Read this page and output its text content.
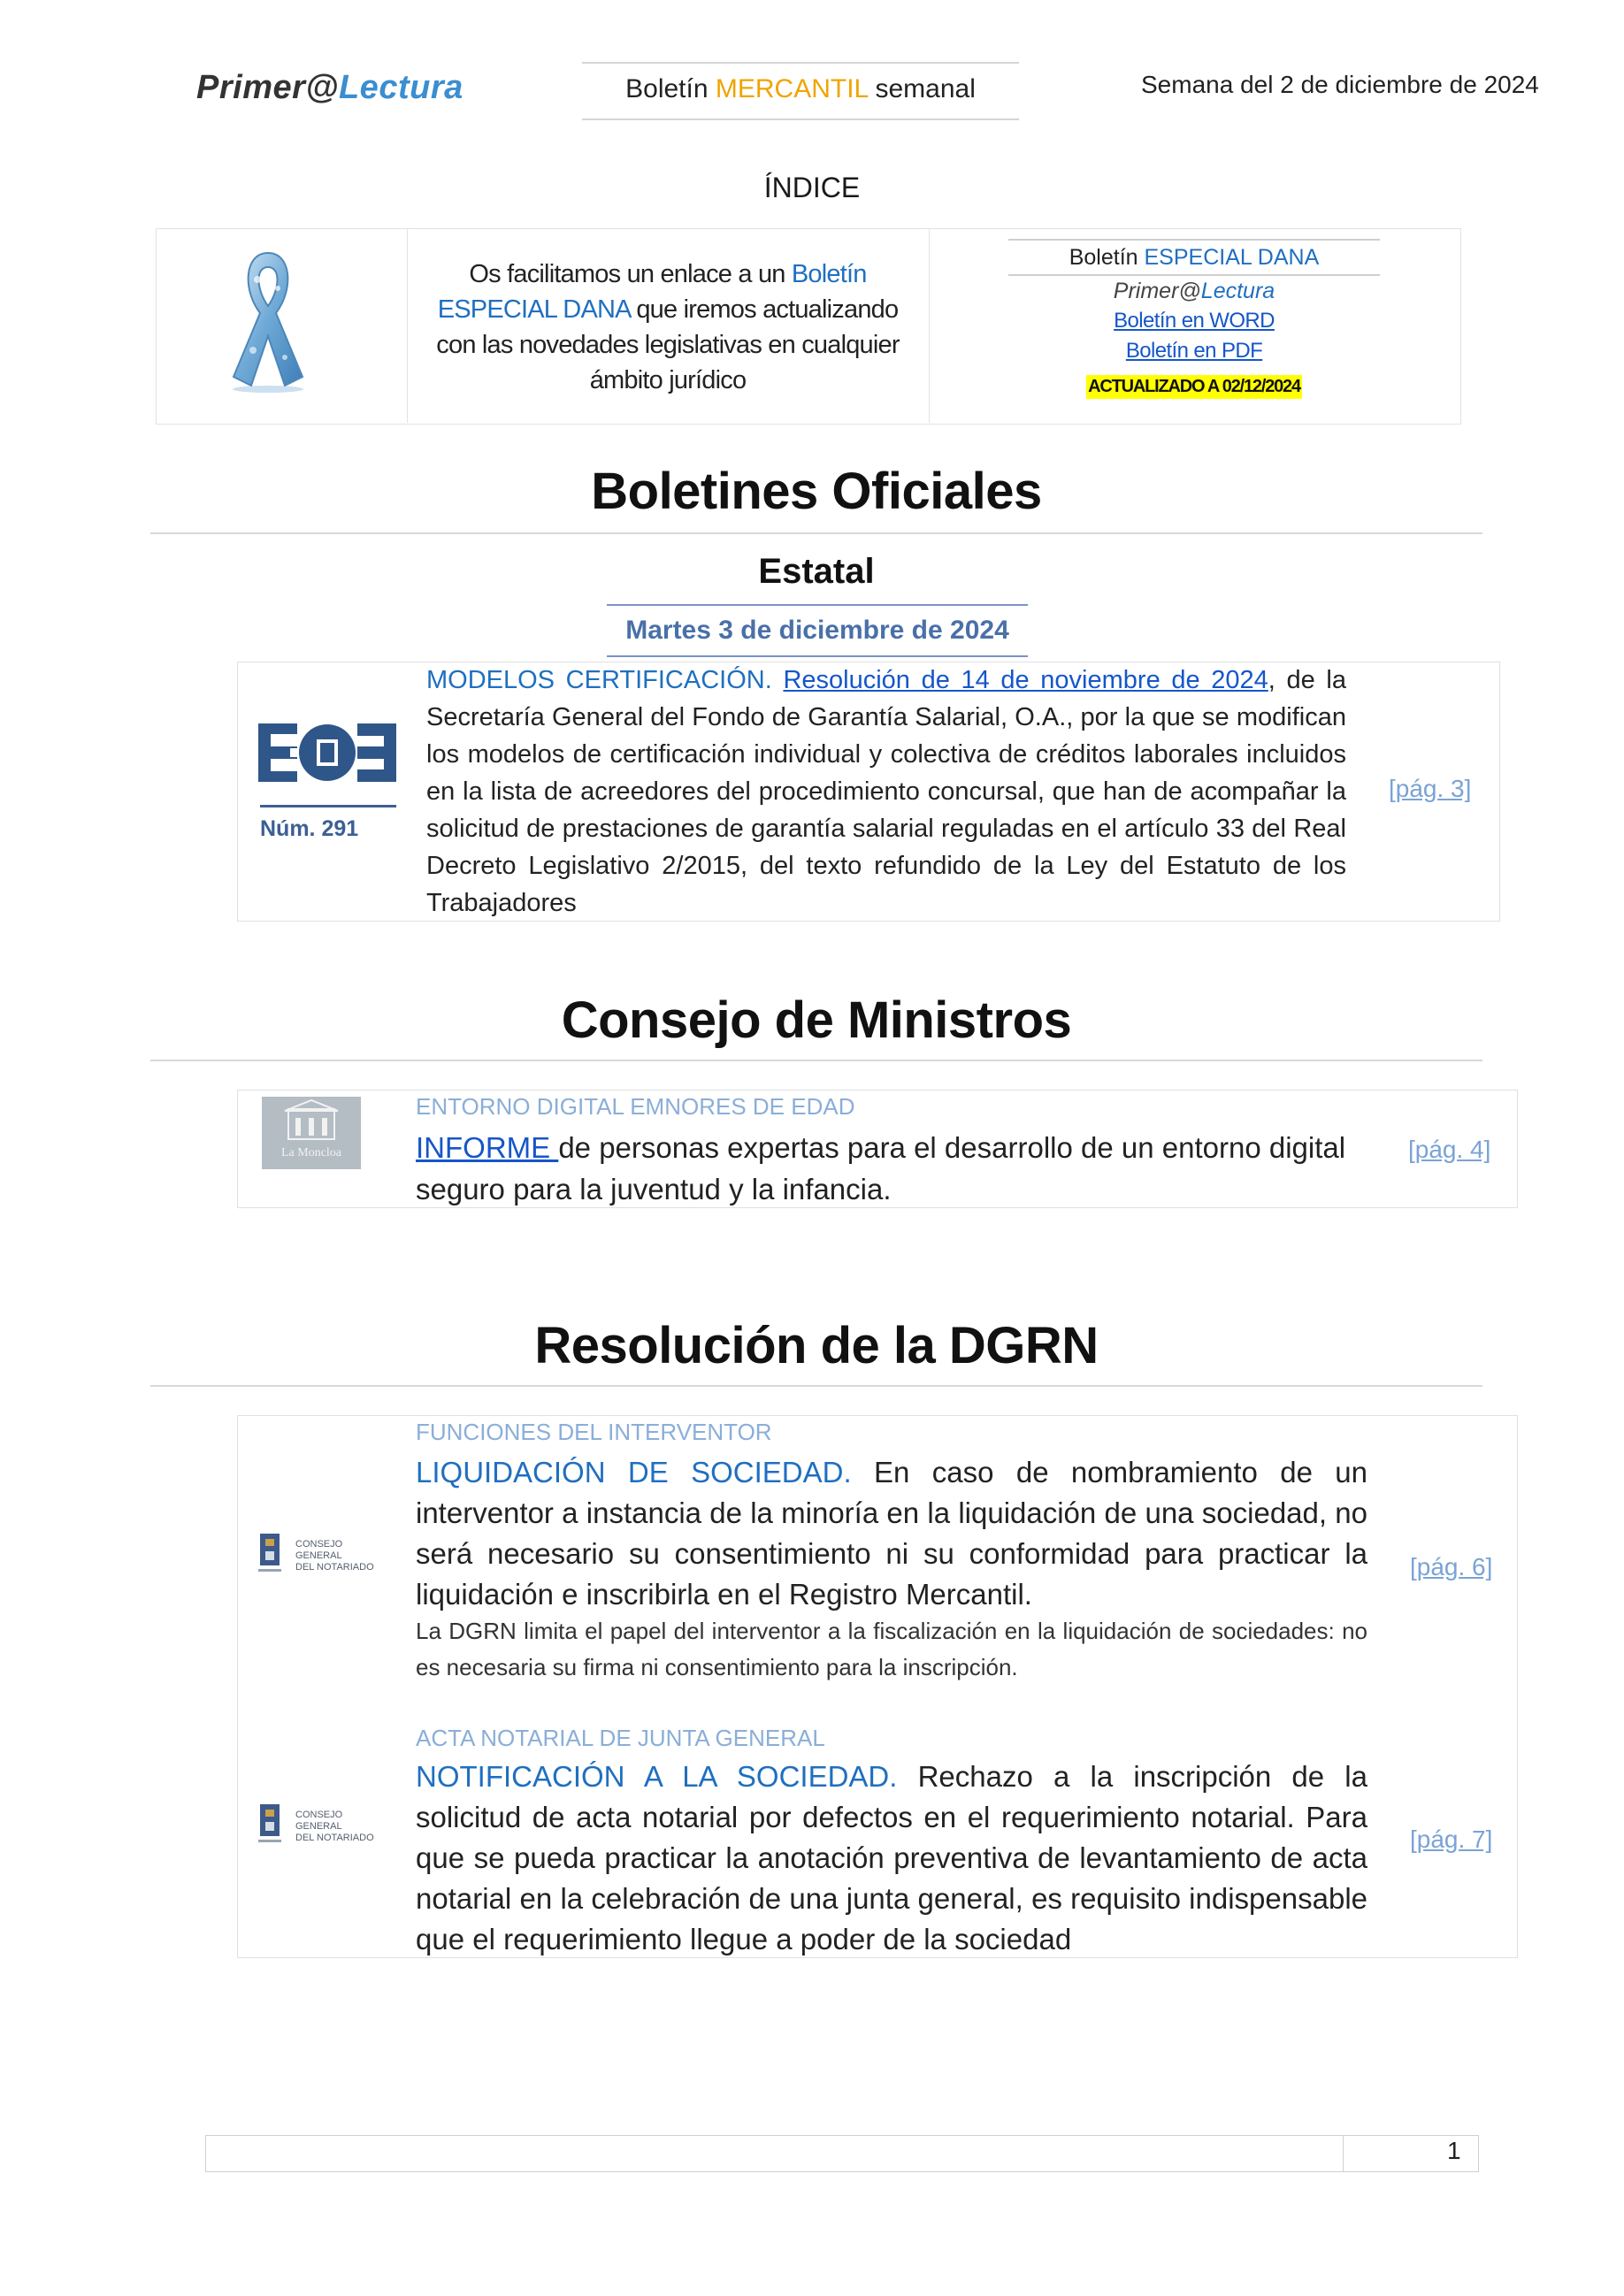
Primer@Lectura	Boletín MERCANTIL semanal	Semana del 2 de diciembre de 2024
ÍNDICE
Os facilitamos un enlace a un Boletín ESPECIAL DANA que iremos actualizando con las novedades legislativas en cualquier ámbito jurídico
Boletín ESPECIAL DANA
Primer@Lectura
Boletín en WORD
Boletín en PDF
ACTUALIZADO A 02/12/2024
Boletines Oficiales
Estatal
Martes 3 de diciembre de 2024
Núm. 291
MODELOS CERTIFICACIÓN. Resolución de 14 de noviembre de 2024, de la Secretaría General del Fondo de Garantía Salarial, O.A., por la que se modifican los modelos de certificación individual y colectiva de créditos laborales incluidos en la lista de acreedores del procedimiento concursal, que han de acompañar la solicitud de prestaciones de garantía salarial reguladas en el artículo 33 del Real Decreto Legislativo 2/2015, del texto refundido de la Ley del Estatuto de los Trabajadores
[pág. 3]
Consejo de Ministros
La Moncloa
ENTORNO DIGITAL EMNORES DE EDAD
INFORME de personas expertas para el desarrollo de un entorno digital seguro para la juventud y la infancia.
[pág. 4]
Resolución de la DGRN
CONSEJO GENERAL
DEL NOTARIADO
FUNCIONES DEL INTERVENTOR
LIQUIDACIÓN DE SOCIEDAD. En caso de nombramiento de un interventor a instancia de la minoría en la liquidación de una sociedad, no será necesario su consentimiento ni su conformidad para practicar la liquidación e inscribirla en el Registro Mercantil.
La DGRN limita el papel del interventor a la fiscalización en la liquidación de sociedades: no es necesaria su firma ni consentimiento para la inscripción.
[pág. 6]
CONSEJO GENERAL
DEL NOTARIADO
ACTA NOTARIAL DE JUNTA GENERAL
NOTIFICACIÓN A LA SOCIEDAD. Rechazo a la inscripción de la solicitud de acta notarial por defectos en el requerimiento notarial. Para que se pueda practicar la anotación preventiva de levantamiento de acta notarial en la celebración de una junta general, es requisito indispensable que el requerimiento llegue a poder de la sociedad
[pág. 7]
1
